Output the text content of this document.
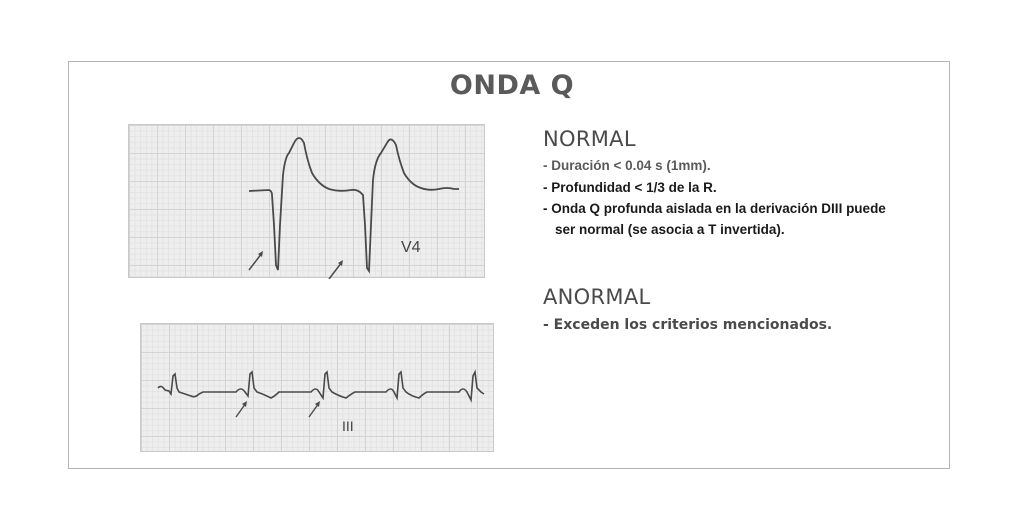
ONDA Q
V4
III
NORMAL
- Duración < 0.04 s (1mm).
- Profundidad < 1/3 de la R.
- Onda Q profunda aislada en la derivación DIII puede
ser normal (se asocia a T invertida).
ANORMAL
- Exceden los criterios mencionados.
